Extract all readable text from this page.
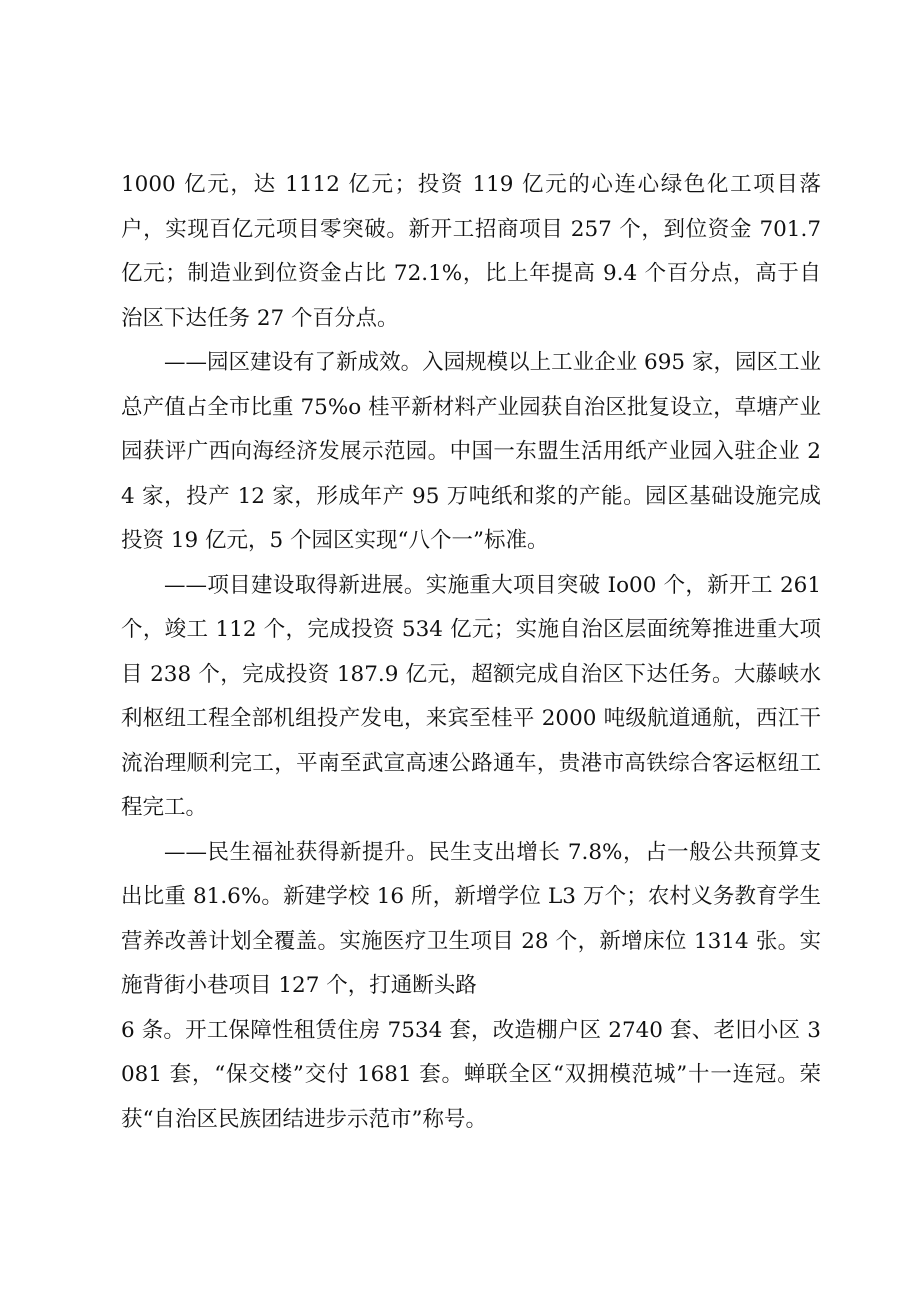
1000 亿元，达 1112 亿元；投资 119 亿元的心连心绿色化工项目落户，实现百亿元项目零突破。新开工招商项目 257 个，到位资金 701.7 亿元；制造业到位资金占比 72.1%，比上年提高 9.4 个百分点，高于自治区下达任务 27 个百分点。

——园区建设有了新成效。入园规模以上工业企业 695 家，园区工业总产值占全市比重 75%o 桂平新材料产业园获自治区批复设立，草塘产业园获评广西向海经济发展示范园。中国一东盟生活用纸产业园入驻企业 24 家，投产 12 家，形成年产 95 万吨纸和浆的产能。园区基础设施完成投资 19 亿元，5 个园区实现“八个一”标准。

——项目建设取得新进展。实施重大项目突破 Io00 个，新开工 261 个，竣工 112 个，完成投资 534 亿元；实施自治区层面统筹推进重大项目 238 个，完成投资 187.9 亿元，超额完成自治区下达任务。大藤峡水利枢纽工程全部机组投产发电，来宾至桂平 2000 吨级航道通航，西江干流治理顺利完工，平南至武宣高速公路通车，贵港市高铁综合客运枢纽工程完工。

——民生福祉获得新提升。民生支出增长 7.8%，占一般公共预算支出比重 81.6%。新建学校 16 所，新增学位 L3 万个；农村义务教育学生营养改善计划全覆盖。实施医疗卫生项目 28 个，新增床位 1314 张。实施背街小巷项目 127 个，打通断头路

6 条。开工保障性租赁住房 7534 套，改造棚户区 2740 套、老旧小区 3081 套，“保交楼”交付 1681 套。蝉联全区“双拥模范城”十一连冠。荣获“自治区民族团结进步示范市”称号。
